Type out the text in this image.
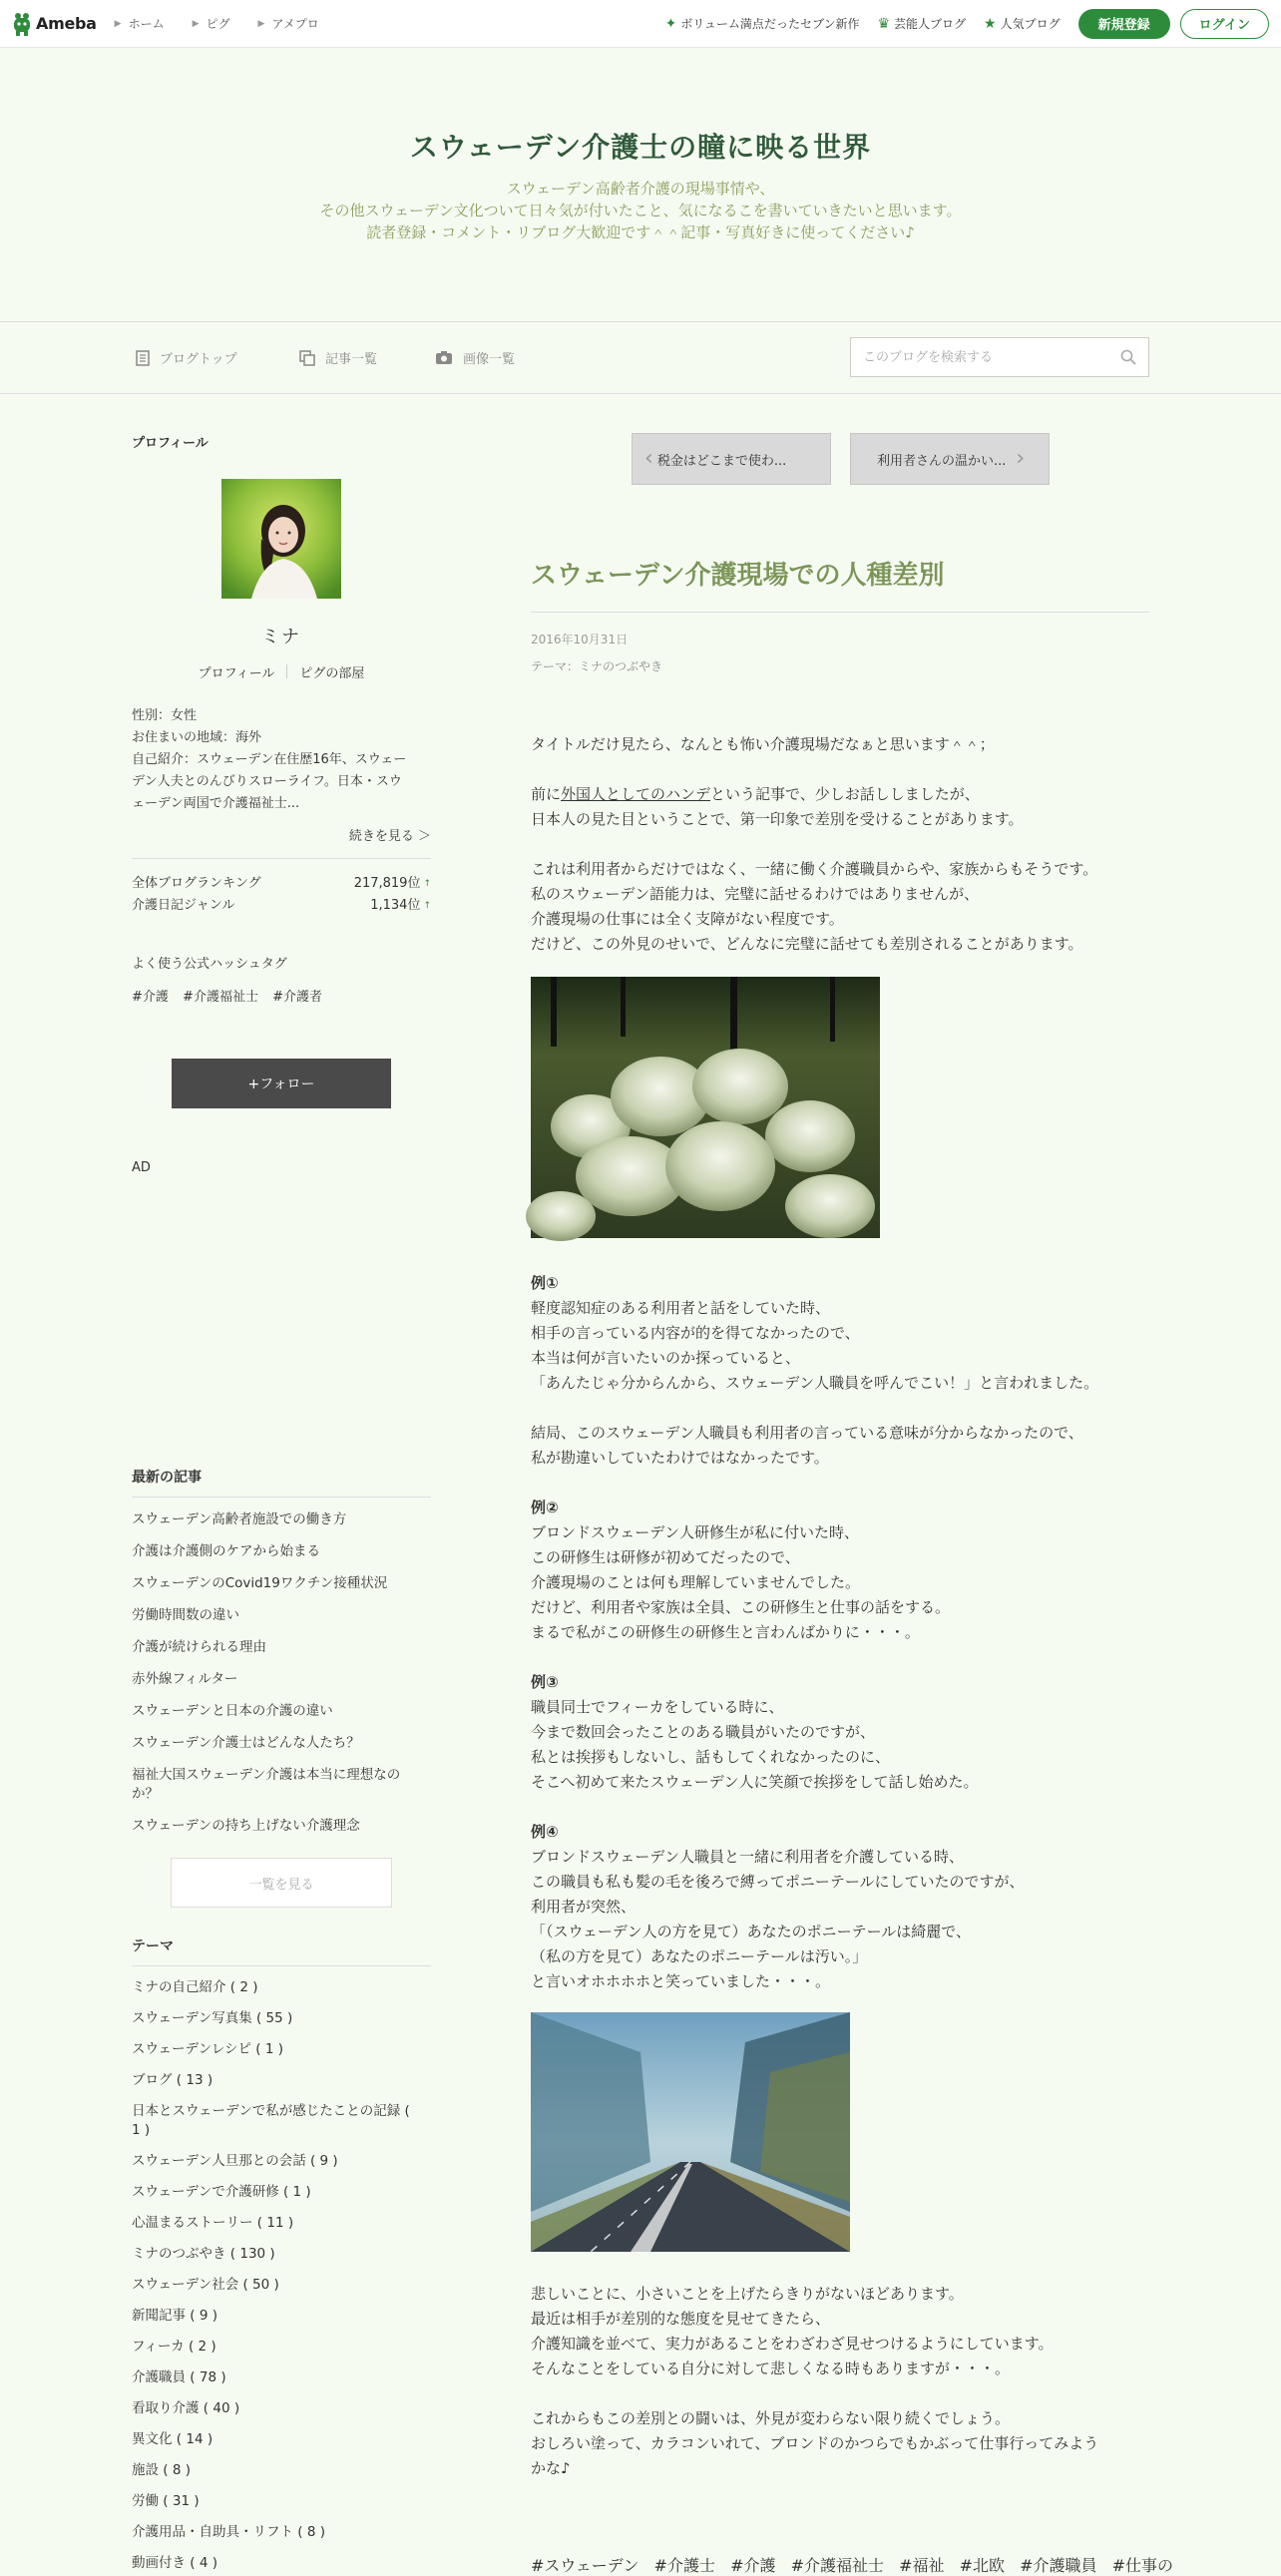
Ameba ▶ ホーム	▶ ピグ	▶ アメプロ	✦ ボリューム満点だったセブン新作 ♛ 芸能人ブログ ★ 人気ブログ	新規登録	ログイン
スウェーデン介護士の瞳に映る世界
スウェーデン高齢者介護の現場事情や、
その他スウェーデン文化ついて日々気が付いたこと、気になるこを書いていきたいと思います。
読者登録・コメント・リブログ大歓迎です＾＾記事・写真好きに使ってください♪
ブログトップ	記事一覧	画像一覧
このブログを検索する
プロフィール
ミナ
プロフィール ピグの部屋
性別：女性
お住まいの地域：海外
自己紹介：スウェーデン在住歴16年、スウェー
デン人夫とのんびりスローライフ。日本・スウ
ェーデン両国で介護福祉士...
続きを見る ＞
全体ブログランキング	217,819位 ↑
介護日記ジャンル	1,134位 ↑
よく使う公式ハッシュタグ
#介護 #介護福祉士 #介護者
+フォロー
AD
最新の記事
スウェーデン高齢者施設での働き方
介護は介護側のケアから始まる
スウェーデンのCovid19ワクチン接種状況
労働時間数の違い
介護が続けられる理由
赤外線フィルター
スウェーデンと日本の介護の違い
スウェーデン介護士はどんな人たち？
福祉大国スウェーデン介護は本当に理想なの
か？
スウェーデンの持ち上げない介護理念
一覧を見る
テーマ
ミナの自己紹介 ( 2 )
スウェーデン写真集 ( 55 )
スウェーデンレシピ ( 1 )
ブログ ( 13 )
日本とスウェーデンで私が感じたことの記録 (
1 )
スウェーデン人旦那との会話 ( 9 )
スウェーデンで介護研修 ( 1 )
心温まるストーリー ( 11 )
ミナのつぶやき ( 130 )
スウェーデン社会 ( 50 )
新聞記事 ( 9 )
フィーカ ( 2 )
介護職員 ( 78 )
看取り介護 ( 40 )
異文化 ( 14 )
施設 ( 8 )
労働 ( 31 )
介護用品・自助具・リフト ( 8 )
動画付き ( 4 )
‹ 税金はどこまで使わ...	利用者さんの温かい... ›
スウェーデン介護現場での人種差別
2016年10月31日
テーマ：ミナのつぶやき

タイトルだけ見たら、なんとも怖い介護現場だなぁと思います＾＾；

前に外国人としてのハンデという記事で、少しお話ししましたが、

日本人の見た目ということで、第一印象で差別を受けることがあります。

これは利用者からだけではなく、一緒に働く介護職員からや、家族からもそうです。

私のスウェーデン語能力は、完璧に話せるわけではありませんが、

介護現場の仕事には全く支障がない程度です。

だけど、この外見のせいで、どんなに完璧に話せても差別されることがあります。

例①

軽度認知症のある利用者と話をしていた時、

相手の言っている内容が的を得てなかったので、

本当は何が言いたいのか探っていると、

「あんたじゃ分からんから、スウェーデン人職員を呼んでこい！」と言われました。

結局、このスウェーデン人職員も利用者の言っている意味が分からなかったので、

私が勘違いしていたわけではなかったです。

例②

ブロンドスウェーデン人研修生が私に付いた時、

この研修生は研修が初めてだったので、

介護現場のことは何も理解していませんでした。

だけど、利用者や家族は全員、この研修生と仕事の話をする。

まるで私がこの研修生の研修生と言わんばかりに・・・。

例③

職員同士でフィーカをしている時に、

今まで数回会ったことのある職員がいたのですが、

私とは挨拶もしないし、話もしてくれなかったのに、

そこへ初めて来たスウェーデン人に笑顔で挨拶をして話し始めた。

例④

ブロンドスウェーデン人職員と一緒に利用者を介護している時、

この職員も私も髪の毛を後ろで縛ってポニーテールにしていたのですが、

利用者が突然、

「（スウェーデン人の方を見て）あなたのポニーテールは綺麗で、

（私の方を見て）あなたのポニーテールは汚い。」

と言いオホホホホと笑っていました・・・。

悲しいことに、小さいことを上げたらきりがないほどあります。

最近は相手が差別的な態度を見せてきたら、

介護知識を並べて、実力があることをわざわざ見せつけるようにしています。

そんなことをしている自分に対して悲しくなる時もありますが・・・。

これからもこの差別との闘いは、外見が変わらない限り続くでしょう。

おしろい塗って、カラコンいれて、ブロンドのかつらでもかぶって仕事行ってみよう

かな♪

#スウェーデン #介護士 #介護 #介護福祉士 #福祉 #北欧 #介護職員 #仕事の
